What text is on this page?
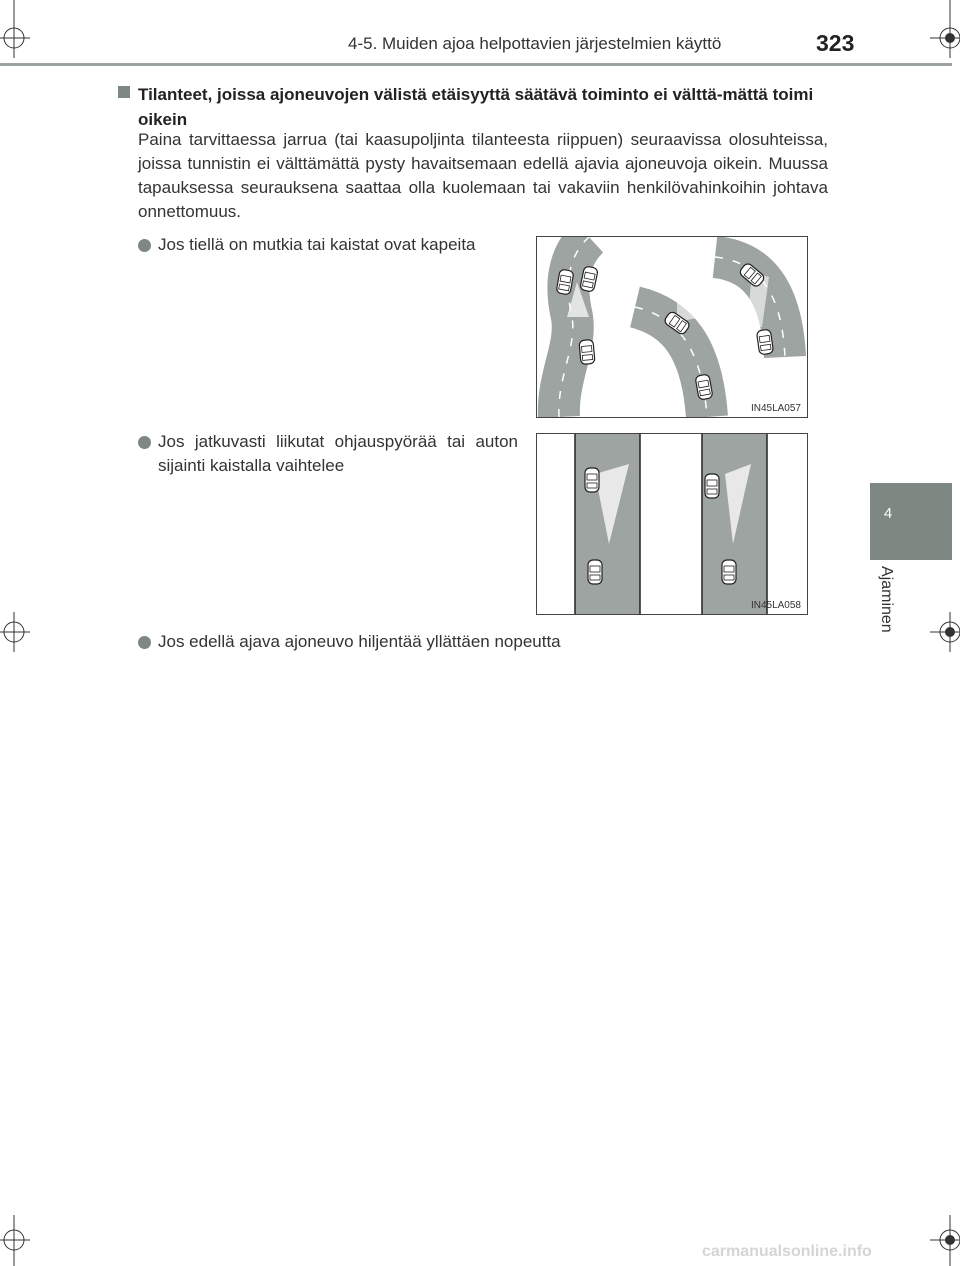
4-5. Muiden ajoa helpottavien järjestelmien käyttö	323
4
Ajaminen
Tilanteet, joissa ajoneuvojen välistä etäisyyttä säätävä toiminto ei välttä-mättä toimi oikein
Paina tarvittaessa jarrua (tai kaasupoljinta tilanteesta riippuen) seuraavissa olosuhteissa, joissa tunnistin ei välttämättä pysty havaitsemaan edellä ajavia ajoneuvoja oikein. Muussa tapauksessa seurauksena saattaa olla kuolemaan tai vakaviin henkilövahinkoihin johtava onnettomuus.
Jos tiellä on mutkia tai kaistat ovat kapeita
Jos jatkuvasti liikutat ohjauspyörää tai auton sijainti kaistalla vaihtelee
Jos edellä ajava ajoneuvo hiljentää yllättäen nopeutta
IN45LA057
IN45LA058
carmanualsonline.info
